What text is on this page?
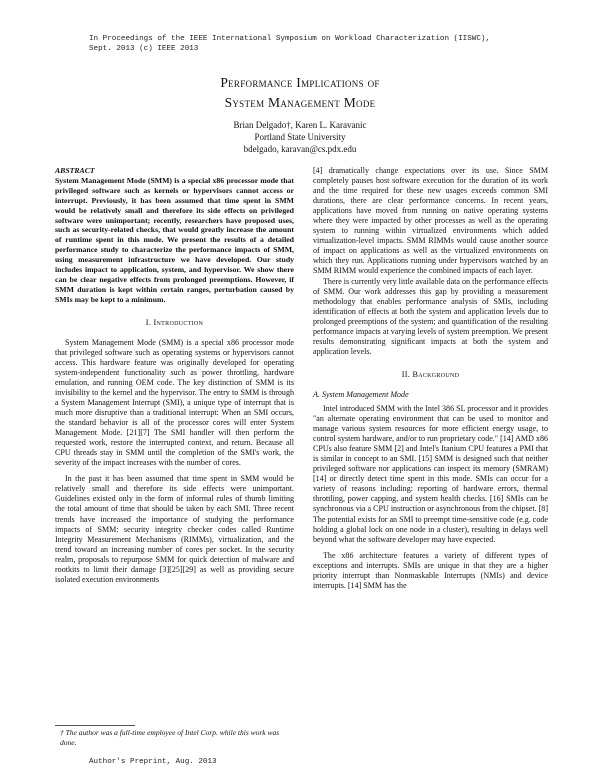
In Proceedings of the IEEE International Symposium on Workload Characterization (IISWC),
Sept. 2013 (c) IEEE 2013
Performance Implications of
System Management Mode
Brian Delgado†, Karen L. Karavanic
Portland State University
bdelgado, karavan@cs.pdx.edu

ABSTRACT
System Management Mode (SMM) is a special x86 processor mode that privileged software such as kernels or hypervisors cannot access or interrupt. Previously, it has been assumed that time spent in SMM would be relatively small and therefore its side effects on privileged software were unimportant; recently, researchers have proposed uses, such as security-related checks, that would greatly increase the amount of runtime spent in this mode. We present the results of a detailed performance study to characterize the performance impacts of SMM, using measurement infrastructure we have developed. Our study includes impact to application, system, and hypervisor. We show there can be clear negative effects from prolonged preemptions. However, if SMM duration is kept within certain ranges, perturbation caused by SMIs may be kept to a minimum.

I. Introduction

System Management Mode (SMM) is a special x86 processor mode that privileged software such as operating systems or hypervisors cannot access. This hardware feature was originally developed for operating system-independent functionality such as power throttling, hardware emulation, and running OEM code. The key distinction of SMM is its invisibility to the kernel and the hypervisor. The entry to SMM is through a System Management Interrupt (SMI), a unique type of interrupt that is much more disruptive than a traditional interrupt: When an SMI occurs, the standard behavior is all of the processor cores will enter System Management Mode. [21][7] The SMI handler will then perform the requested work, restore the interrupted context, and return. Because all CPU threads stay in SMM until the completion of the SMI's work, the severity of the impact increases with the number of cores.

In the past it has been assumed that time spent in SMM would be relatively small and therefore its side effects were unimportant. Guidelines existed only in the form of informal rules of thumb limiting the total amount of time that should be taken by each SMI. Three recent trends have increased the importance of studying the performance impacts of SMM: security integrity checker codes called Runtime Integrity Measurement Mechanisms (RIMMs), virtualization, and the trend toward an increasing number of cores per socket. In the security realm, proposals to repurpose SMM for quick detection of malware and rootkits to limit their damage [3][25][29] as well as providing secure isolated execution environments

[4] dramatically change expectations over its use. Since SMM completely pauses host software execution for the duration of its work and the time required for these new usages exceeds common SMI durations, there are clear performance concerns. In recent years, applications have moved from running on native operating systems where they were impacted by other processes as well as the operating system to running within virtualized environments which added virtualization-level impacts. SMM RIMMs would cause another source of impact on applications as well as the virtualized environments on which they run. Applications running under hypervisors watched by an SMM RIMM would experience the combined impacts of each layer.

There is currently very little available data on the performance effects of SMM. Our work addresses this gap by providing a measurement methodology that enables performance analysis of SMIs, including identification of effects at both the system and application levels due to prolonged preemptions of the system; and quantification of the resulting performance impacts at varying levels of system preemption. We present results demonstrating significant impacts at both the system and application levels.

II. Background

A. System Management Mode

Intel introduced SMM with the Intel 386 SL processor and it provides "an alternate operating environment that can be used to monitor and manage various system resources for more efficient energy usage, to control system hardware, and/or to run proprietary code." [14] AMD x86 CPUs also feature SMM [2] and Intel's Itanium CPU features a PMI that is similar in concept to an SMI. [15] SMM is designed such that neither privileged software nor applications can inspect its memory (SMRAM) [14] or directly detect time spent in this mode. SMIs can occur for a variety of reasons including: reporting of hardware errors, thermal throttling, power capping, and system health checks. [16] SMIs can be synchronous via a CPU instruction or asynchronous from the chipset. [8] The potential exists for an SMI to preempt time-sensitive code (e.g. code holding a global lock on one node in a cluster), resulting in delays well beyond what the software developer may have expected.

The x86 architecture features a variety of different types of exceptions and interrupts. SMIs are unique in that they are a higher priority interrupt than Nonmaskable Interrupts (NMIs) and device interrupts. [14] SMM has the

† The author was a full-time employee of Intel Corp. while this work was done.
Author's Preprint, Aug. 2013
